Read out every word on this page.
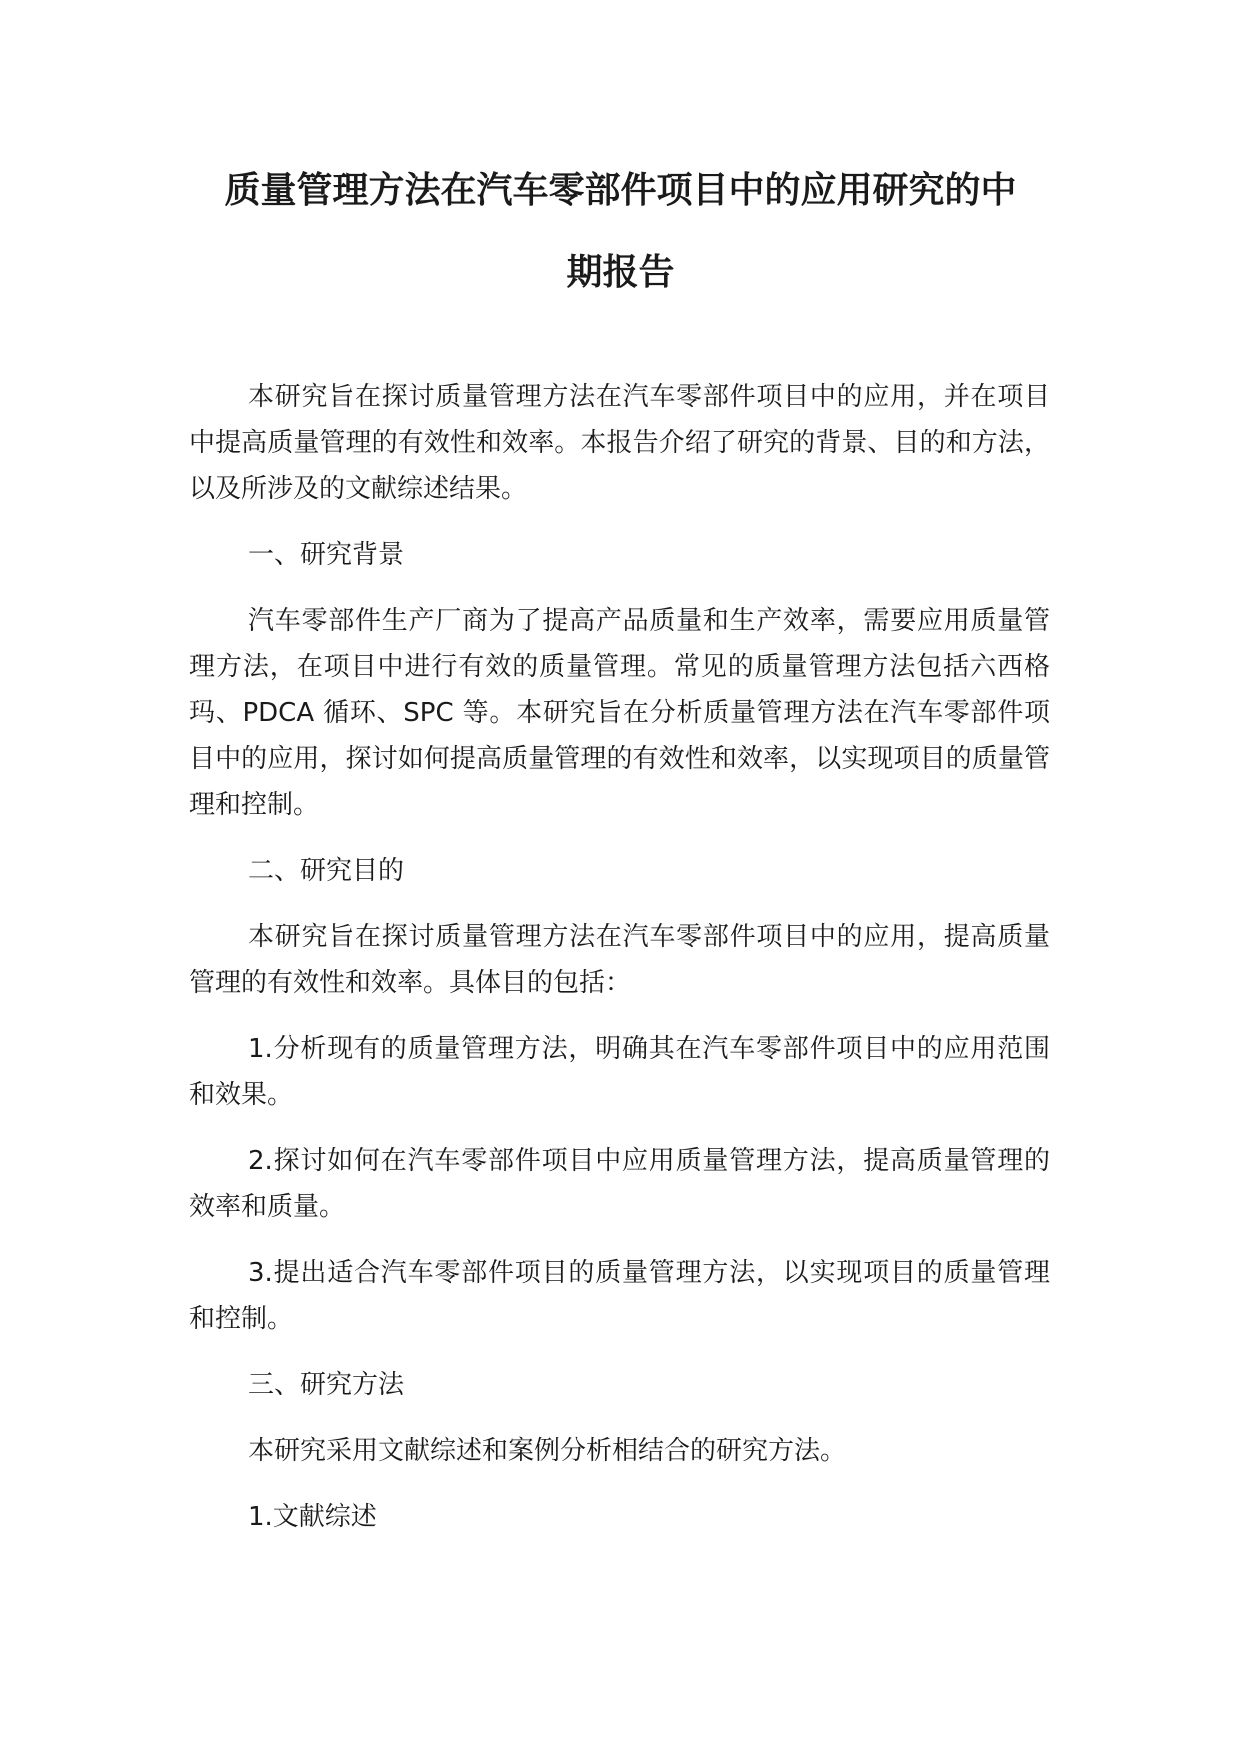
质量管理方法在汽车零部件项目中的应用研究的中
期报告

本研究旨在探讨质量管理方法在汽车零部件项目中的应用，并在项目中提高质量管理的有效性和效率。本报告介绍了研究的背景、目的和方法，以及所涉及的文献综述结果。

一、研究背景

汽车零部件生产厂商为了提高产品质量和生产效率，需要应用质量管理方法，在项目中进行有效的质量管理。常见的质量管理方法包括六西格玛、PDCA 循环、SPC 等。本研究旨在分析质量管理方法在汽车零部件项目中的应用，探讨如何提高质量管理的有效性和效率，以实现项目的质量管理和控制。

二、研究目的

本研究旨在探讨质量管理方法在汽车零部件项目中的应用，提高质量管理的有效性和效率。具体目的包括：

1.分析现有的质量管理方法，明确其在汽车零部件项目中的应用范围和效果。

2.探讨如何在汽车零部件项目中应用质量管理方法，提高质量管理的效率和质量。

3.提出适合汽车零部件项目的质量管理方法，以实现项目的质量管理和控制。

三、研究方法

本研究采用文献综述和案例分析相结合的研究方法。

1.文献综述
